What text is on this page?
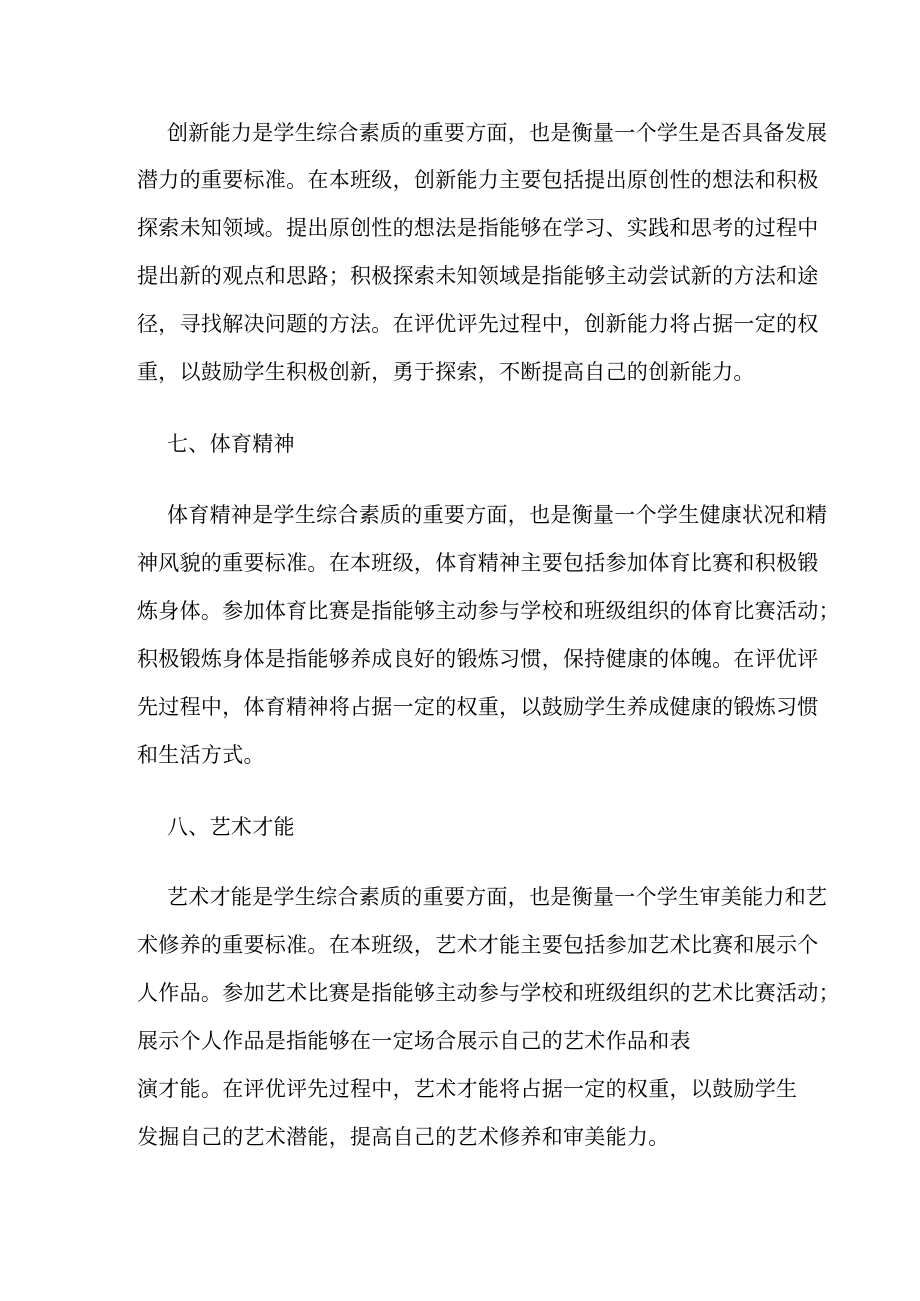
创新能力是学生综合素质的重要方面，也是衡量一个学生是否具备发展
潜力的重要标准。在本班级，创新能力主要包括提出原创性的想法和积极
探索未知领域。提出原创性的想法是指能够在学习、实践和思考的过程中
提出新的观点和思路；积极探索未知领域是指能够主动尝试新的方法和途
径，寻找解决问题的方法。在评优评先过程中，创新能力将占据一定的权
重，以鼓励学生积极创新，勇于探索，不断提高自己的创新能力。
七、体育精神
体育精神是学生综合素质的重要方面，也是衡量一个学生健康状况和精
神风貌的重要标准。在本班级，体育精神主要包括参加体育比赛和积极锻
炼身体。参加体育比赛是指能够主动参与学校和班级组织的体育比赛活动；
积极锻炼身体是指能够养成良好的锻炼习惯，保持健康的体魄。在评优评
先过程中，体育精神将占据一定的权重，以鼓励学生养成健康的锻炼习惯
和生活方式。
八、艺术才能
艺术才能是学生综合素质的重要方面，也是衡量一个学生审美能力和艺
术修养的重要标准。在本班级，艺术才能主要包括参加艺术比赛和展示个
人作品。参加艺术比赛是指能够主动参与学校和班级组织的艺术比赛活动；
展示个人作品是指能够在一定场合展示自己的艺术作品和表
演才能。在评优评先过程中，艺术才能将占据一定的权重，以鼓励学生
发掘自己的艺术潜能，提高自己的艺术修养和审美能力。
